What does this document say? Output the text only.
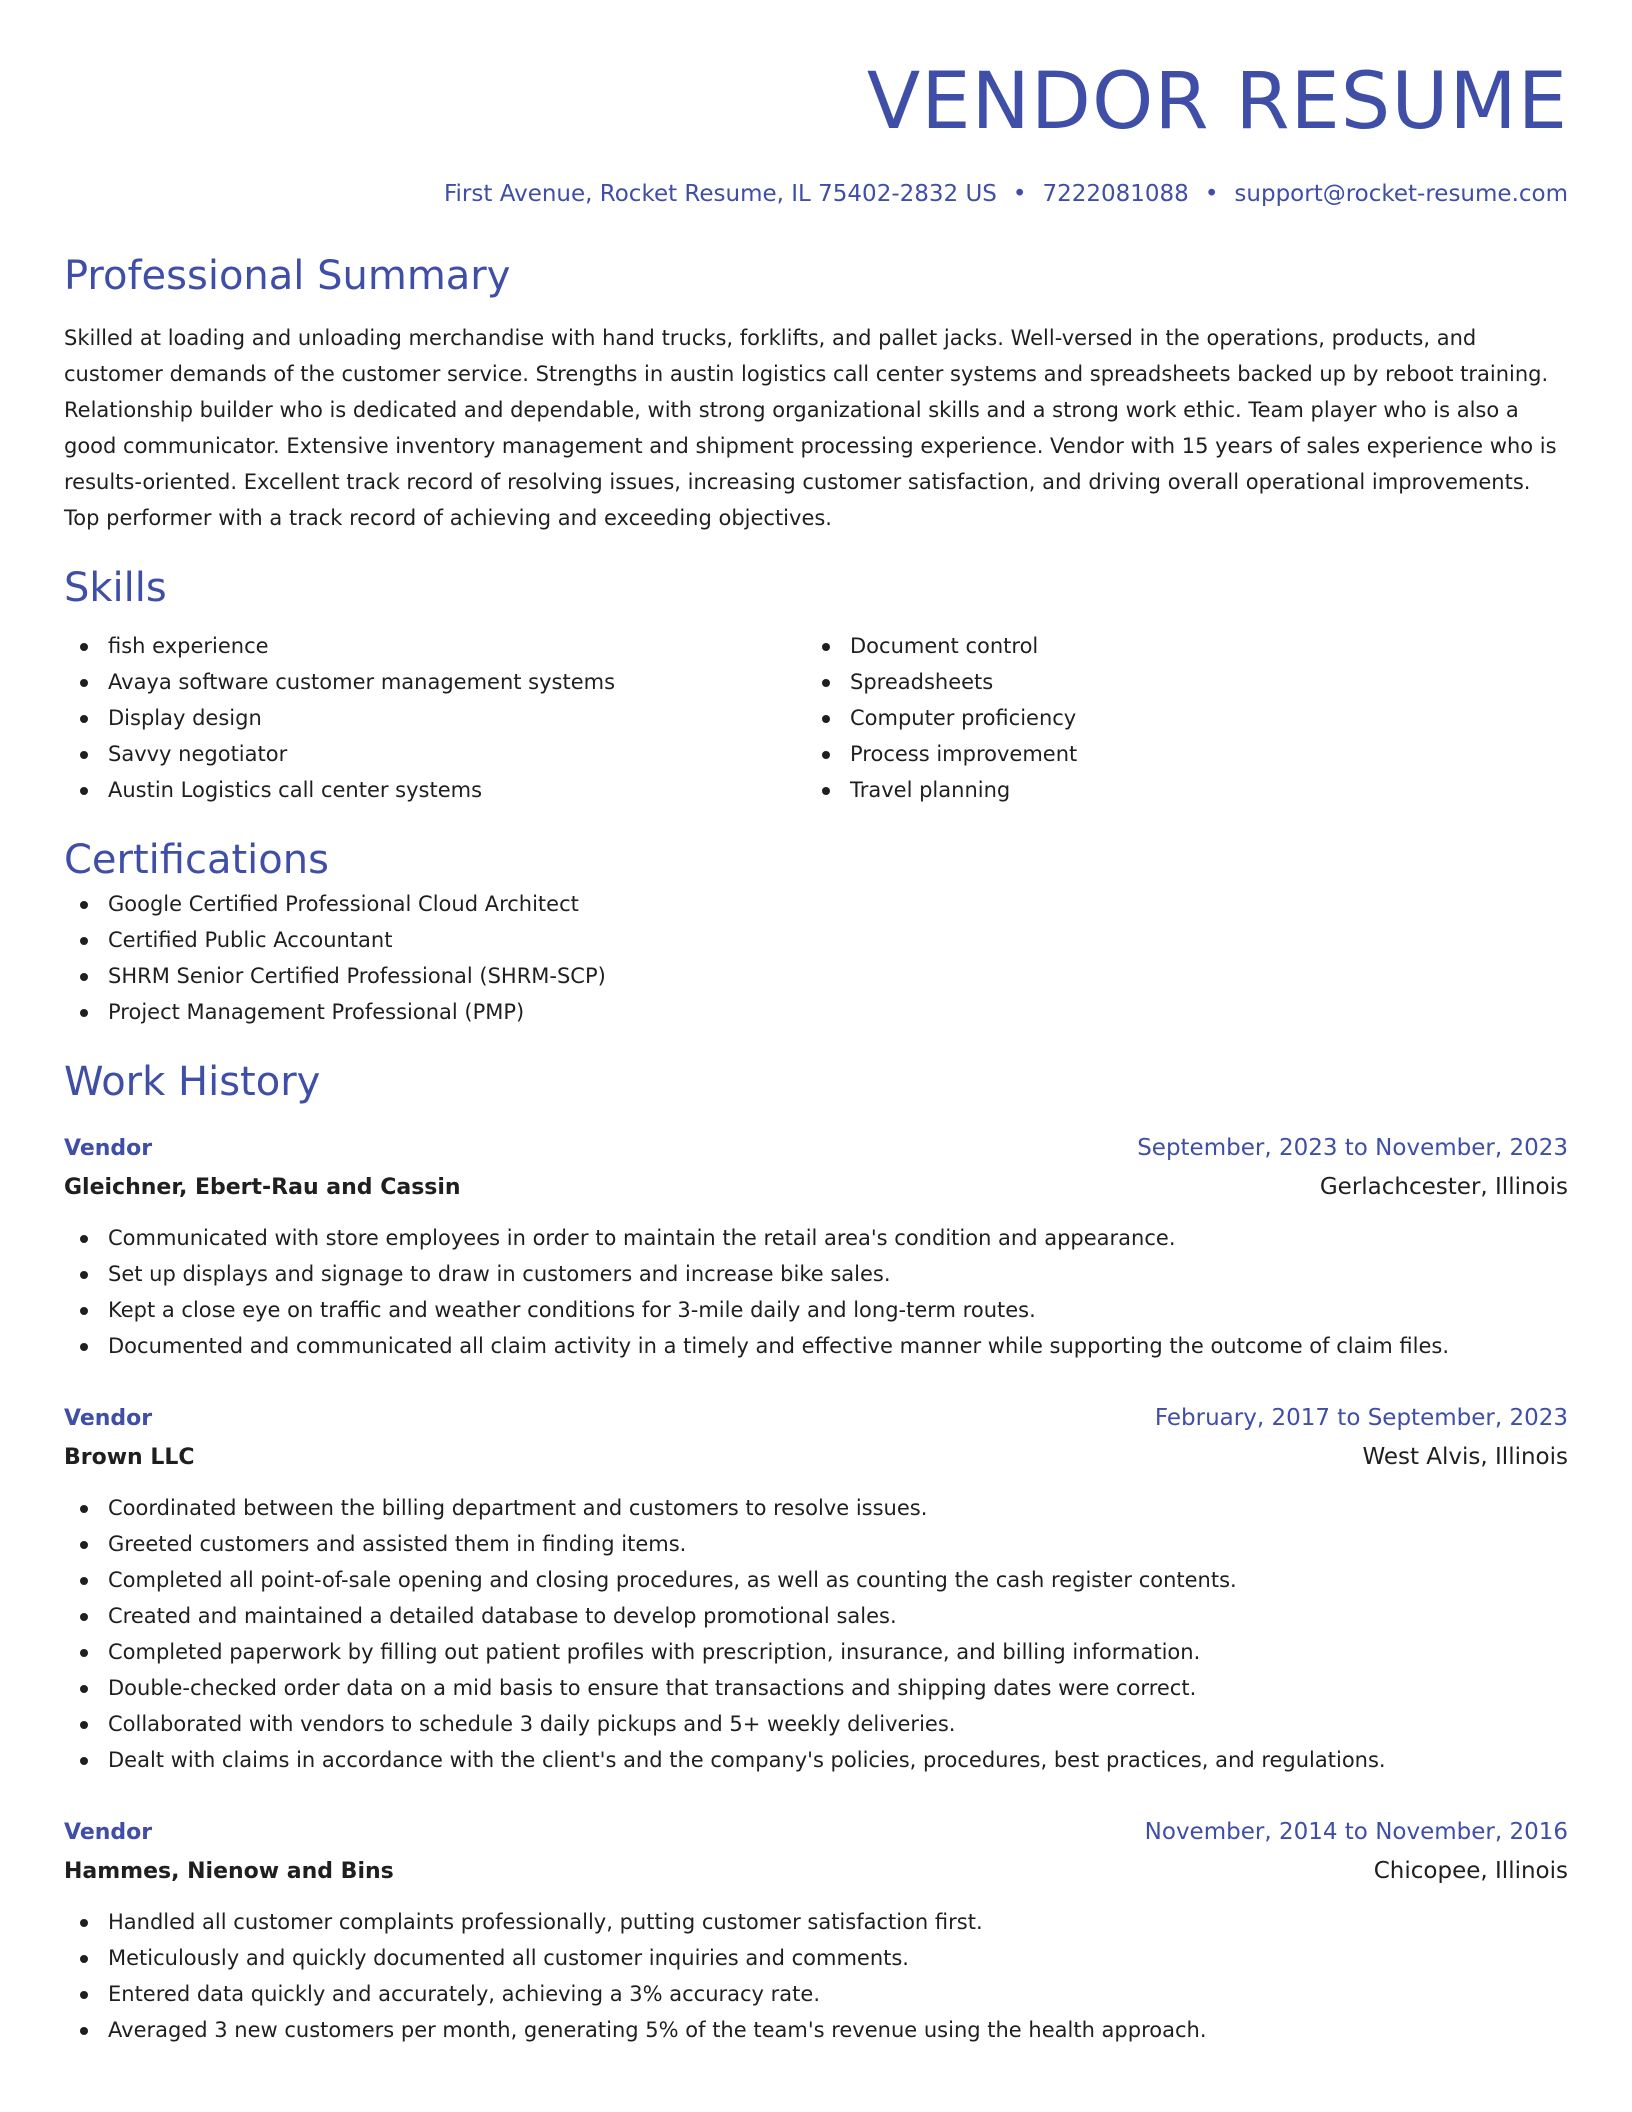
VENDOR RESUME
First Avenue, Rocket Resume, IL 75402-2832 US • 7222081088 • support@rocket-resume.com
Professional Summary

Skilled at loading and unloading merchandise with hand trucks, forklifts, and pallet jacks. Well-versed in the operations, products, and customer demands of the customer service. Strengths in austin logistics call center systems and spreadsheets backed up by reboot training. Relationship builder who is dedicated and dependable, with strong organizational skills and a strong work ethic. Team player who is also a good communicator. Extensive inventory management and shipment processing experience. Vendor with 15 years of sales experience who is results-oriented. Excellent track record of resolving issues, increasing customer satisfaction, and driving overall operational improvements. Top performer with a track record of achieving and exceeding objectives.

Skills
fish experience
Avaya software customer management systems
Display design
Savvy negotiator
Austin Logistics call center systems
Document control
Spreadsheets
Computer proficiency
Process improvement
Travel planning
Certifications
Google Certified Professional Cloud Architect
Certified Public Accountant
SHRM Senior Certified Professional (SHRM-SCP)
Project Management Professional (PMP)
Work History
Vendor	September, 2023 to November, 2023
Gleichner, Ebert-Rau and Cassin	Gerlachcester, Illinois
Communicated with store employees in order to maintain the retail area's condition and appearance.
Set up displays and signage to draw in customers and increase bike sales.
Kept a close eye on traffic and weather conditions for 3-mile daily and long-term routes.
Documented and communicated all claim activity in a timely and effective manner while supporting the outcome of claim files.
Vendor	February, 2017 to September, 2023
Brown LLC	West Alvis, Illinois
Coordinated between the billing department and customers to resolve issues.
Greeted customers and assisted them in finding items.
Completed all point-of-sale opening and closing procedures, as well as counting the cash register contents.
Created and maintained a detailed database to develop promotional sales.
Completed paperwork by filling out patient profiles with prescription, insurance, and billing information.
Double-checked order data on a mid basis to ensure that transactions and shipping dates were correct.
Collaborated with vendors to schedule 3 daily pickups and 5+ weekly deliveries.
Dealt with claims in accordance with the client's and the company's policies, procedures, best practices, and regulations.
Vendor	November, 2014 to November, 2016
Hammes, Nienow and Bins	Chicopee, Illinois
Handled all customer complaints professionally, putting customer satisfaction first.
Meticulously and quickly documented all customer inquiries and comments.
Entered data quickly and accurately, achieving a 3% accuracy rate.
Averaged 3 new customers per month, generating 5% of the team's revenue using the health approach.
